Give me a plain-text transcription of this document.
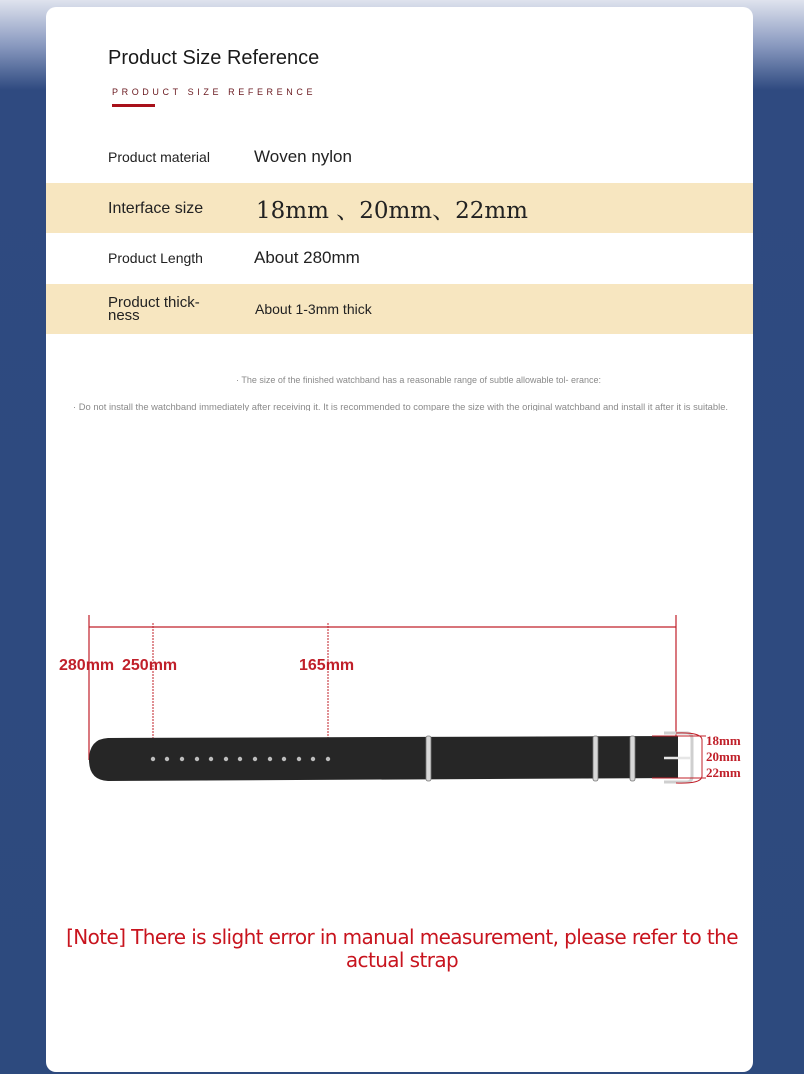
Product Size Reference
PRODUCT SIZE REFERENCE
Product material	Woven nylon
Interface size	18mm 、20mm、22mm
Product Length	About 280mm
Product thick-ness	About 1-3mm thick
· The size of the finished watchband has a reasonable range of subtle allowable tol- erance:
· Do not install the watchband immediately after receiving it. It is recommended to compare the size with the original watchband and install it after it is suitable.
280mm 250mm	165mm
18mm
20mm
22mm
[Note] There is slight error in manual measurement, please refer to the actual strap
